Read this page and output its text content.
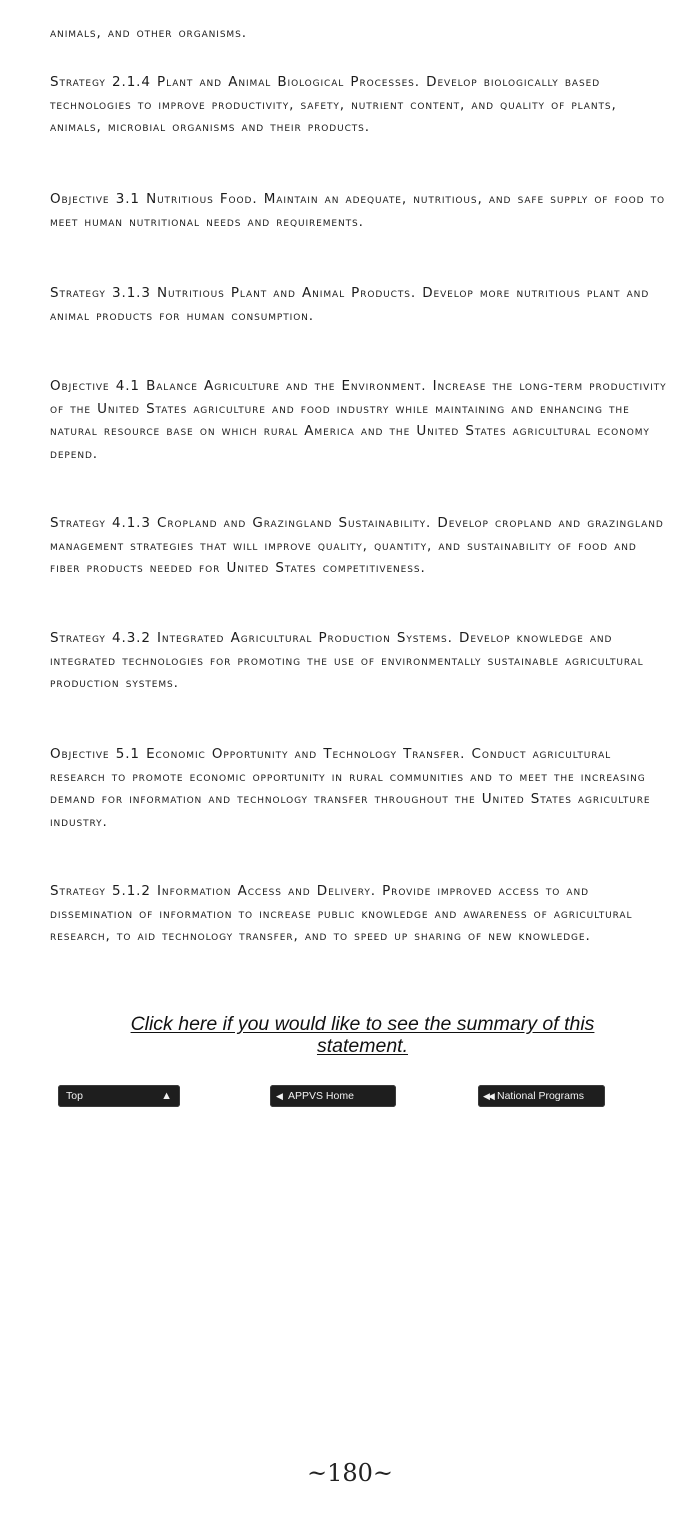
animals, and other organisms.

Strategy 2.1.4 Plant and Animal Biological Processes. Develop biologically based technologies to improve productivity, safety, nutrient content, and quality of plants, animals, microbial organisms and their products.

Objective 3.1 Nutritious Food. Maintain an adequate, nutritious, and safe supply of food to meet human nutritional needs and requirements.

Strategy 3.1.3 Nutritious Plant and Animal Products. Develop more nutritious plant and animal products for human consumption.

Objective 4.1 Balance Agriculture and the Environment. Increase the long-term productivity of the United States agriculture and food industry while maintaining and enhancing the natural resource base on which rural America and the United States agricultural economy depend.

Strategy 4.1.3 Cropland and Grazingland Sustainability. Develop cropland and grazingland management strategies that will improve quality, quantity, and sustainability of food and fiber products needed for United States competitiveness.

Strategy 4.3.2 Integrated Agricultural Production Systems. Develop knowledge and integrated technologies for promoting the use of environmentally sustainable agricultural production systems.

Objective 5.1 Economic Opportunity and Technology Transfer. Conduct agricultural research to promote economic opportunity in rural communities and to meet the increasing demand for information and technology transfer throughout the United States agriculture industry.

Strategy 5.1.2 Information Access and Delivery. Provide improved access to and dissemination of information to increase public knowledge and awareness of agricultural research, to aid technology transfer, and to speed up sharing of new knowledge.

Click here if you would like to see the summary of this statement.
Top	▲	◀ APPVS Home	◀◀ National Programs
~180~
